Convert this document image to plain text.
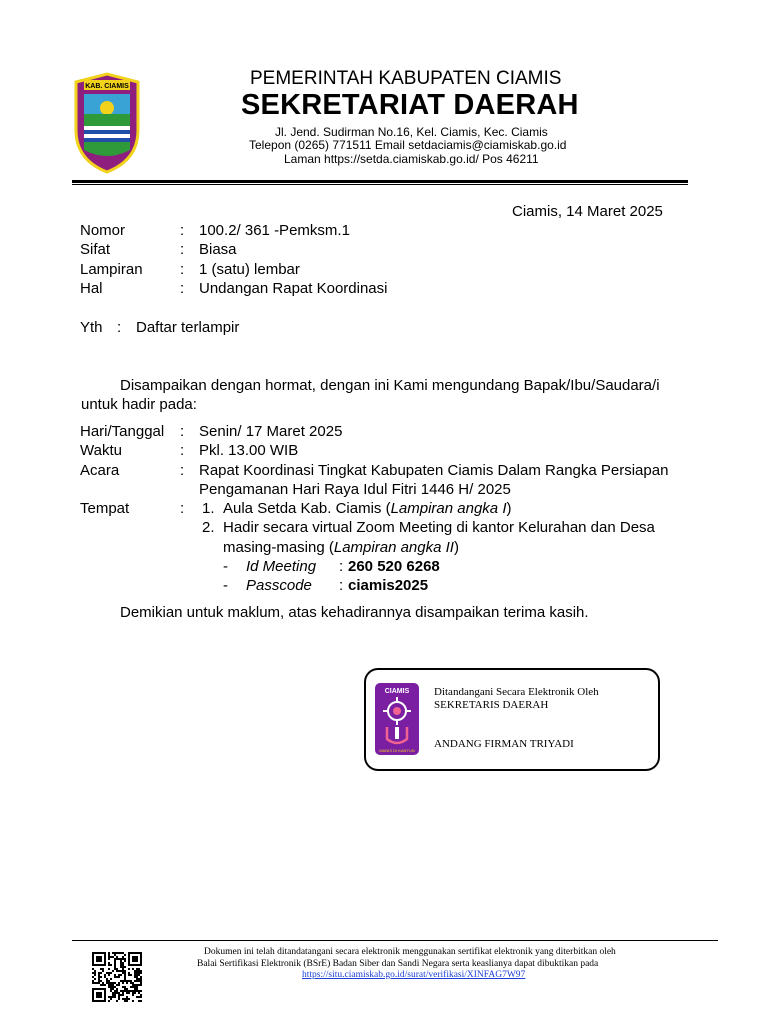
KAB. CIAMIS	PEMERINTAH KABUPATEN CIAMIS
SEKRETARIAT DAERAH
Jl. Jend. Sudirman No.16, Kel. Ciamis, Kec. Ciamis
Telepon (0265) 771511 Email setdaciamis@ciamiskab.go.id
Laman https://setda.ciamiskab.go.id/ Pos 46211
Ciamis, 14 Maret 2025
Nomor	: 100.2/ 361 -Pemksm.1
Sifat	: Biasa
Lampiran : 1 (satu) lembar
Hal	: Undangan Rapat Koordinasi
Yth : Daftar terlampir
Disampaikan dengan hormat, dengan ini Kami mengundang Bapak/Ibu/Saudara/i
untuk hadir pada:
Hari/Tanggal : Senin/ 17 Maret 2025
Waktu	: Pkl. 13.00 WIB
Acara	: Rapat Koordinasi Tingkat Kabupaten Ciamis Dalam Rangka Persiapan
Pengamanan Hari Raya Idul Fitri 1446 H/ 2025
Tempat	: 1. Aula Setda Kab. Ciamis (Lampiran angka I)
2. Hadir secara virtual Zoom Meeting di kantor Kelurahan dan Desa
masing-masing (Lampiran angka II)
- Id Meeting : 260 520 6268
- Passcode : ciamis2025
Demikian untuk maklum, atas kehadirannya disampaikan terima kasih.
CIAMIS
MANIS DI KANTUN
Ditandangani Secara Elektronik Oleh
SEKRETARIS DAERAH
ANDANG FIRMAN TRIYADI
Dokumen ini telah ditandatangani secara elektronik menggunakan sertifikat elektronik yang diterbitkan oleh
Balai Sertifikasi Elektronik (BSrE) Badan Siber dan Sandi Negara serta keaslianya dapat dibuktikan pada
https://situ.ciamiskab.go.id/surat/verifikasi/XINFAG7W97
